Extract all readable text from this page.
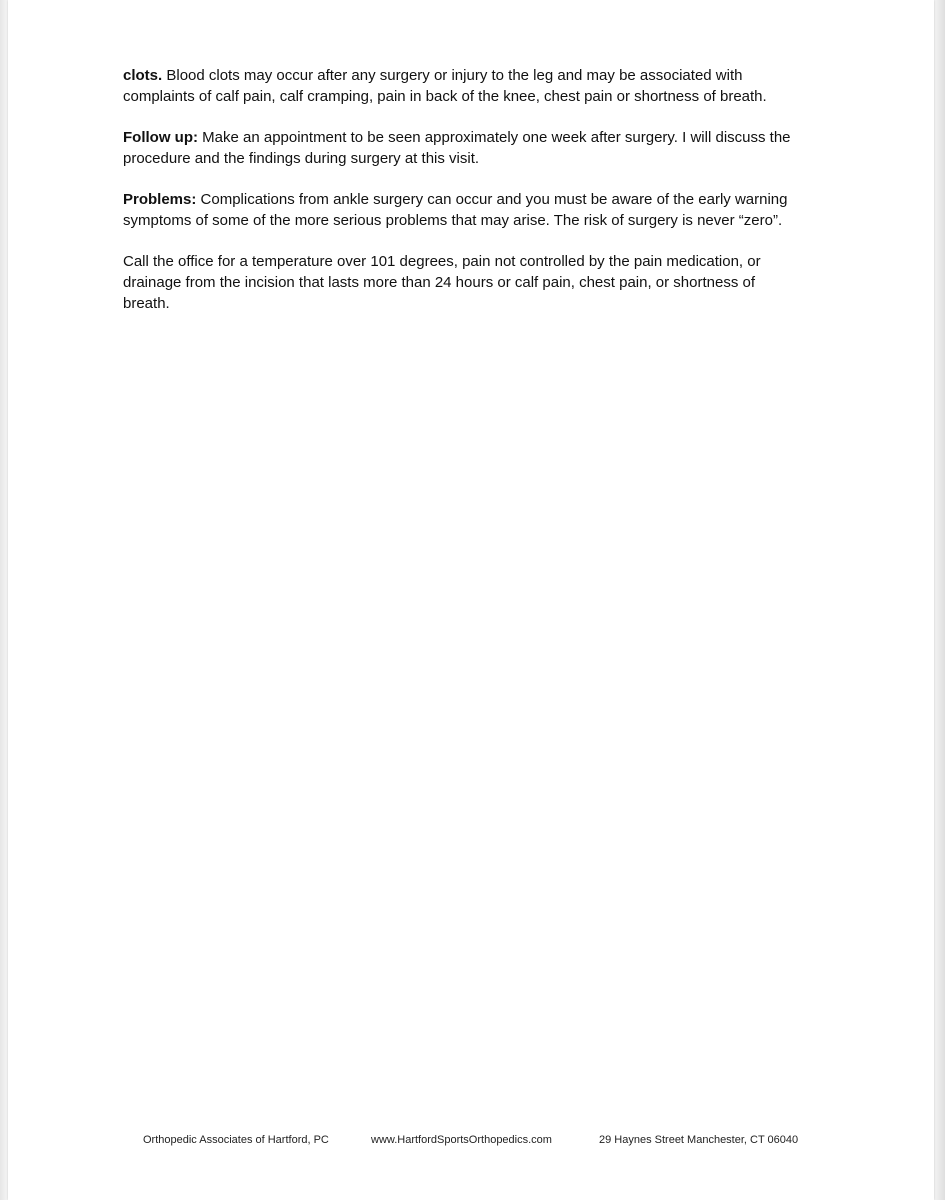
clots. Blood clots may occur after any surgery or injury to the leg and may be associated with complaints of calf pain, calf cramping, pain in back of the knee, chest pain or shortness of breath.

Follow up: Make an appointment to be seen approximately one week after surgery. I will discuss the procedure and the findings during surgery at this visit.

Problems: Complications from ankle surgery can occur and you must be aware of the early warning symptoms of some of the more serious problems that may arise. The risk of surgery is never “zero”.

Call the office for a temperature over 101 degrees, pain not controlled by the pain medication, or drainage from the incision that lasts more than 24 hours or calf pain, chest pain, or shortness of breath.

Orthopedic Associates of Hartford, PC	www.HartfordSportsOrthopedics.com	29 Haynes Street Manchester, CT 06040
